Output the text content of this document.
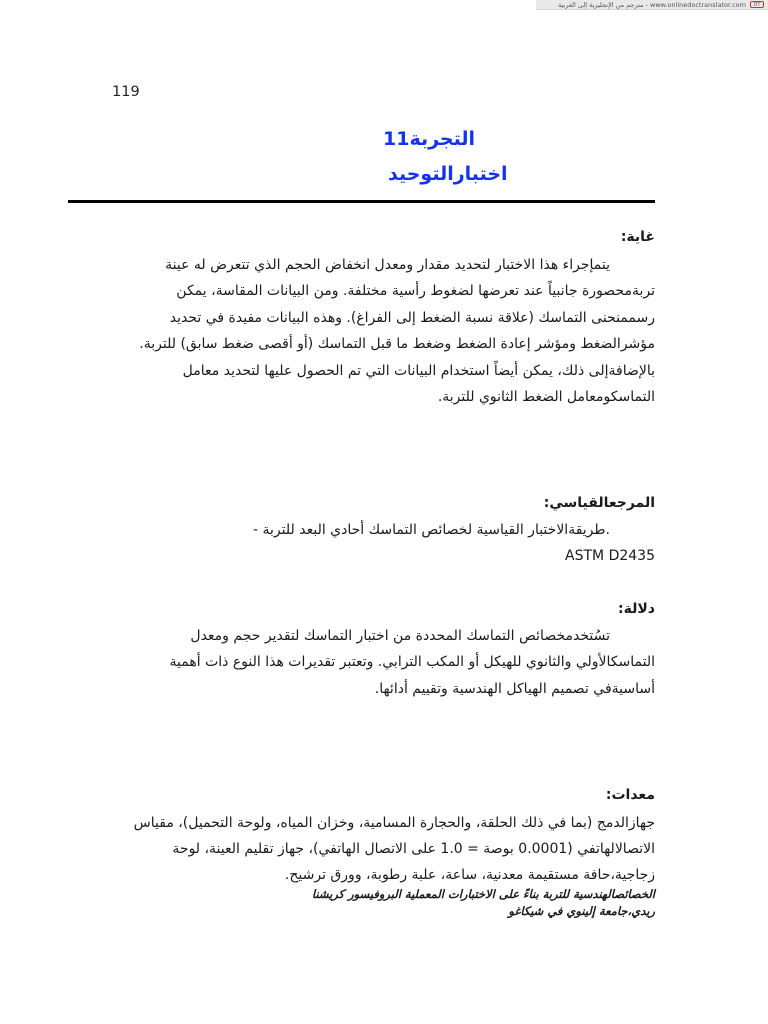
www.onlinedoctranslator.com - مترجم من الإنجليزية إلى العربية	DT
119
التجربة11
اختبارالتوحيد
غاية:
يتمإجراء هذا الاختبار لتحديد مقدار ومعدل انخفاض الحجم الذي تتعرض له عينة
تربةمحصورة جانبياً عند تعرضها لضغوط رأسية مختلفة. ومن البيانات المقاسة، يمكن
رسممنحنى التماسك (علاقة نسبة الضغط إلى الفراغ). وهذه البيانات مفيدة في تحديد
مؤشرالضغط ومؤشر إعادة الضغط وضغط ما قبل التماسك (أو أقصى ضغط سابق) للتربة.
بالإضافةإلى ذلك، يمكن أيضاً استخدام البيانات التي تم الحصول عليها لتحديد معامل
التماسكومعامل الضغط الثانوي للتربة.
المرجعالقياسي:
.طريقةالاختبار القياسية لخصائص التماسك أحادي البعد للتربة -
ASTM D2435
دلالة:
تسُتخدمخصائص التماسك المحددة من اختبار التماسك لتقدير حجم ومعدل
التماسكالأولي والثانوي للهيكل أو المكب الترابي. وتعتبر تقديرات هذا النوع ذات أهمية
أساسيةفي تصميم الهياكل الهندسية وتقييم أدائها.
معدات:
جهازالدمج (بما في ذلك الحلقة، والحجارة المسامية، وخزان المياه، ولوحة التحميل)، مقياس
الاتصالالهاتفي (0.0001 بوصة = 1.0 على الاتصال الهاتفي)، جهاز تقليم العينة، لوحة
زجاجية،حافة مستقيمة معدنية، ساعة، علبة رطوبة، وورق ترشيح.
الخصائصالهندسية للتربة بناءً على الاختبارات المعملية البروفيسور كريشنا
ريدي،جامعة إلينوي في شيكاغو
